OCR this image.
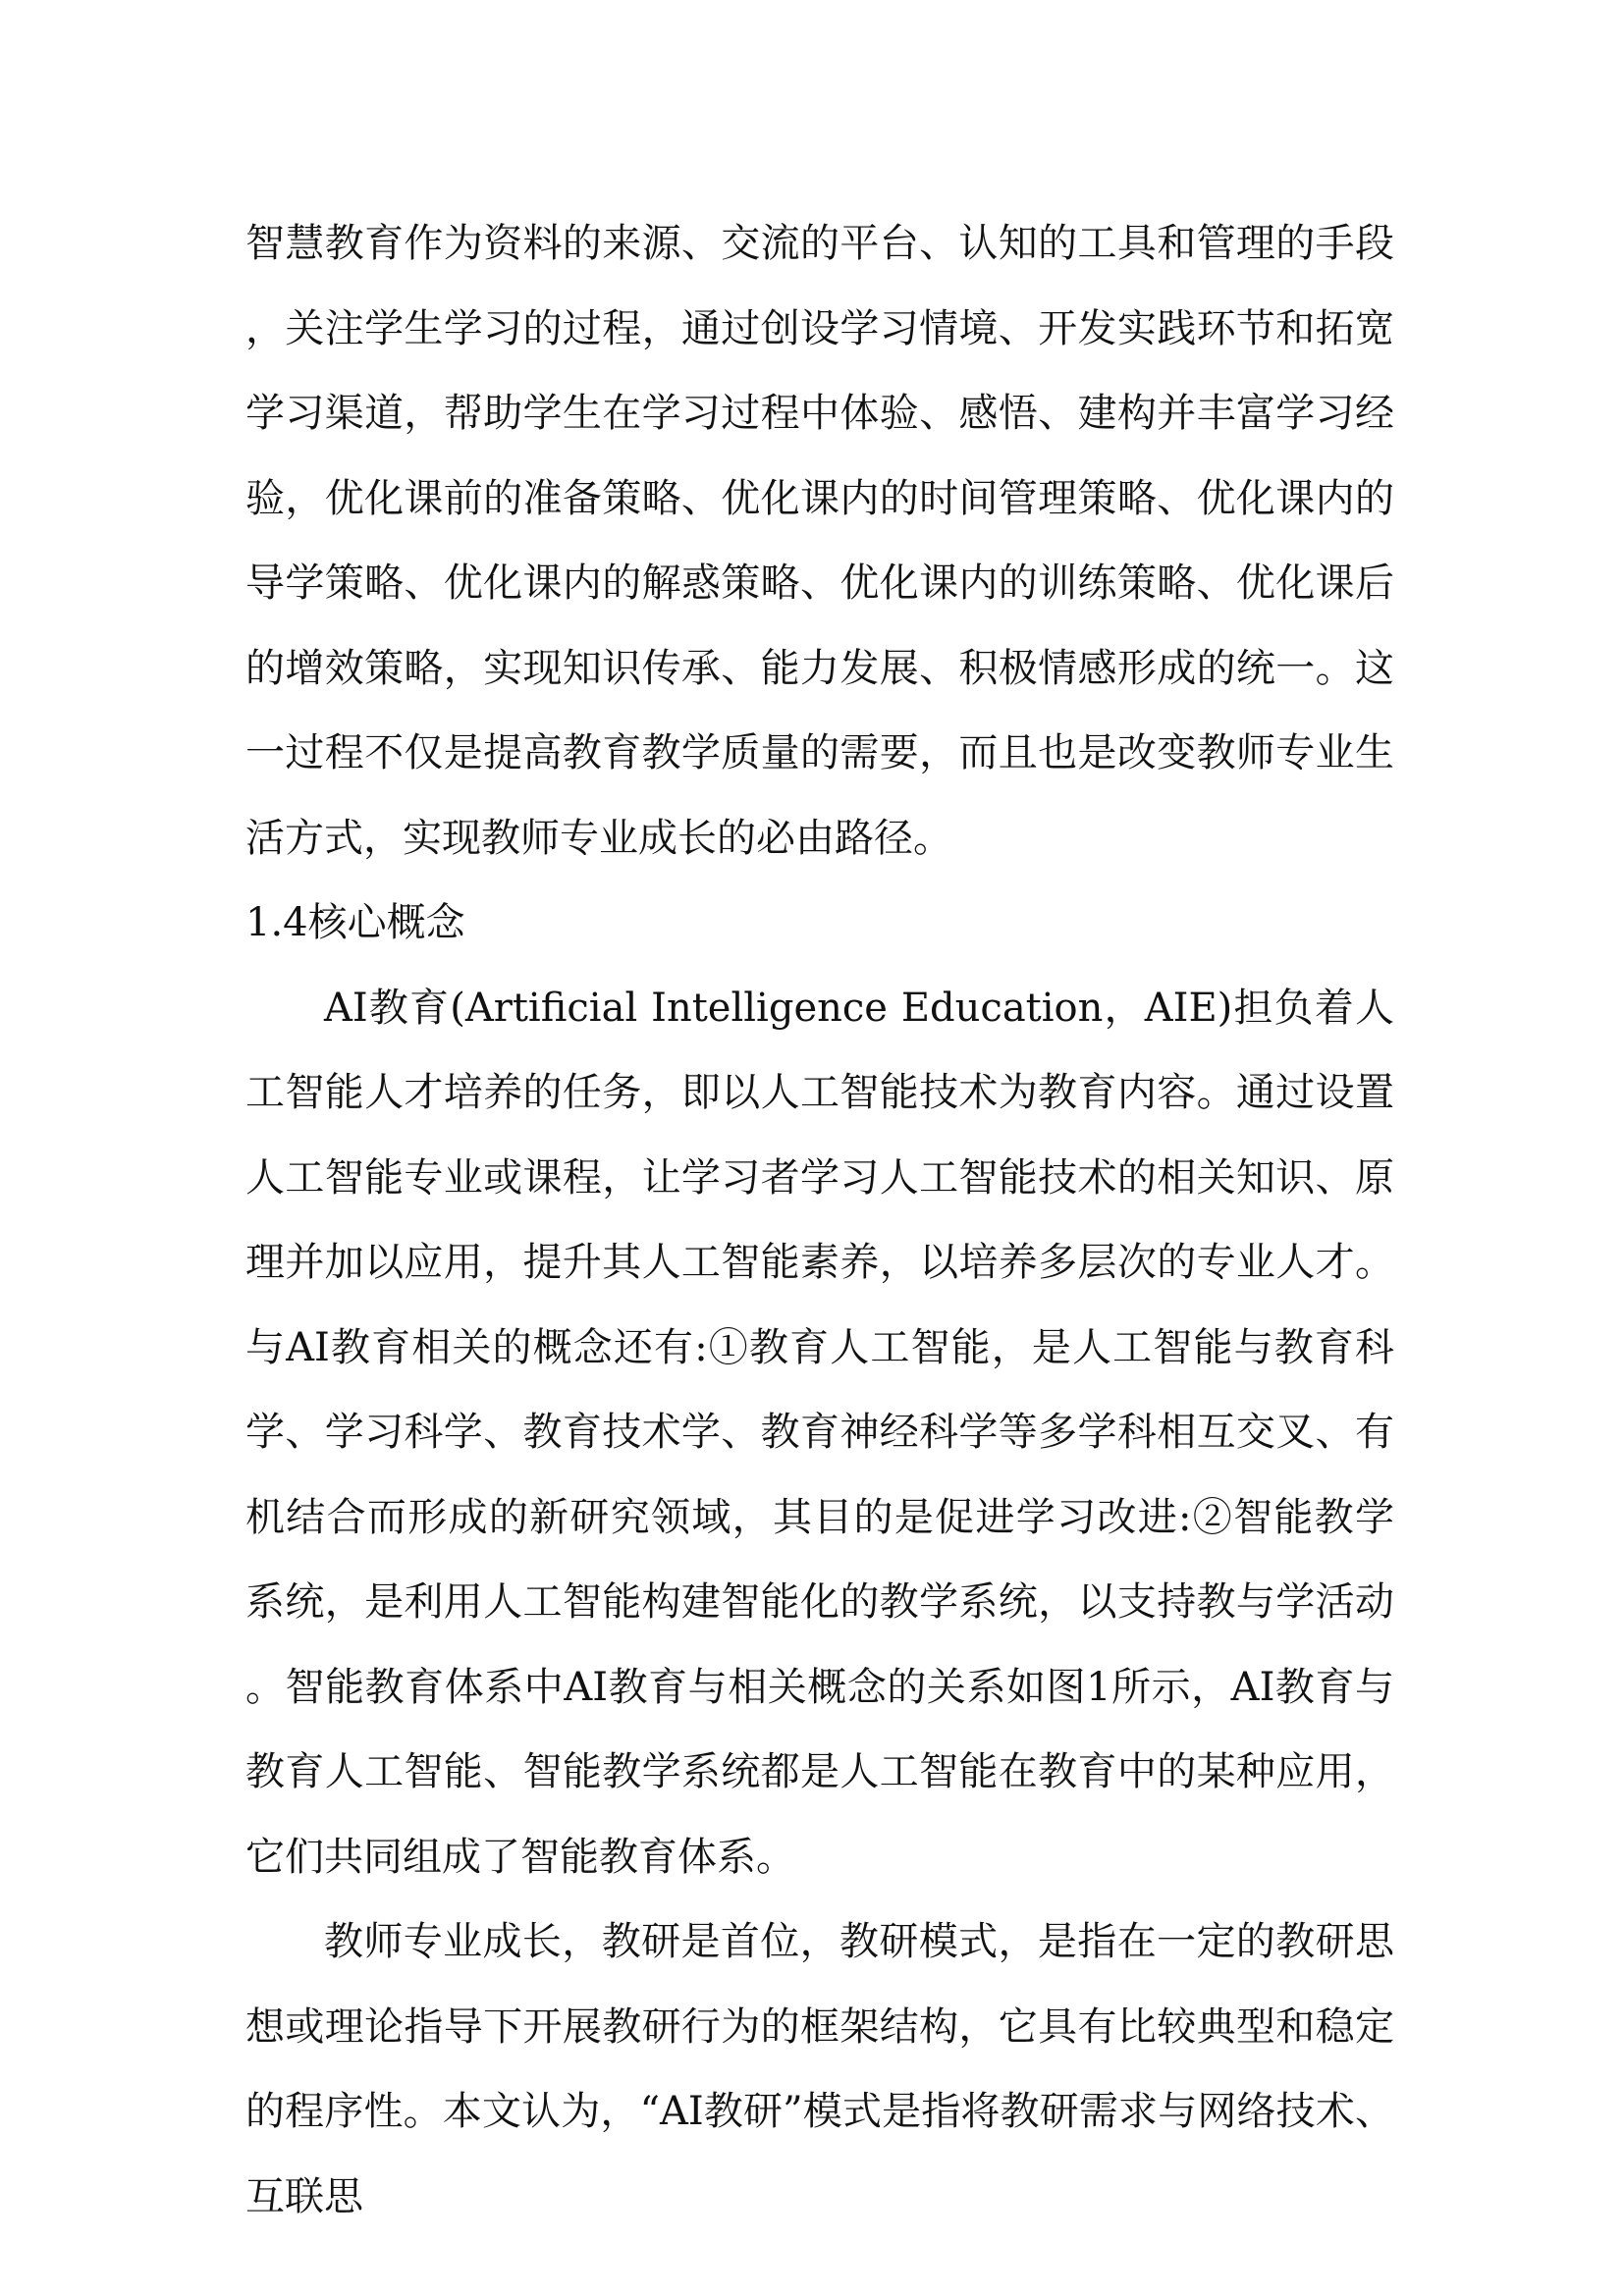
智慧教育作为资料的来源、交流的平台、认知的工具和管理的手段，关注学生学习的过程，通过创设学习情境、开发实践环节和拓宽学习渠道，帮助学生在学习过程中体验、感悟、建构并丰富学习经验，优化课前的准备策略、优化课内的时间管理策略、优化课内的导学策略、优化课内的解惑策略、优化课内的训练策略、优化课后的增效策略，实现知识传承、能力发展、积极情感形成的统一。这一过程不仅是提高教育教学质量的需要，而且也是改变教师专业生活方式，实现教师专业成长的必由路径。

1.4核心概念

AI教育(Artificial Intelligence Education，AIE)担负着人工智能人才培养的任务，即以人工智能技术为教育内容。通过设置人工智能专业或课程，让学习者学习人工智能技术的相关知识、原理并加以应用，提升其人工智能素养，以培养多层次的专业人才。与AI教育相关的概念还有:①教育人工智能，是人工智能与教育科学、学习科学、教育技术学、教育神经科学等多学科相互交叉、有机结合而形成的新研究领域，其目的是促进学习改进:②智能教学系统，是利用人工智能构建智能化的教学系统，以支持教与学活动。智能教育体系中AI教育与相关概念的关系如图1所示，AI教育与教育人工智能、智能教学系统都是人工智能在教育中的某种应用，它们共同组成了智能教育体系。

教师专业成长，教研是首位，教研模式，是指在一定的教研思想或理论指导下开展教研行为的框架结构，它具有比较典型和稳定的程序性。本文认为，“AI教研”模式是指将教研需求与网络技术、互联思
